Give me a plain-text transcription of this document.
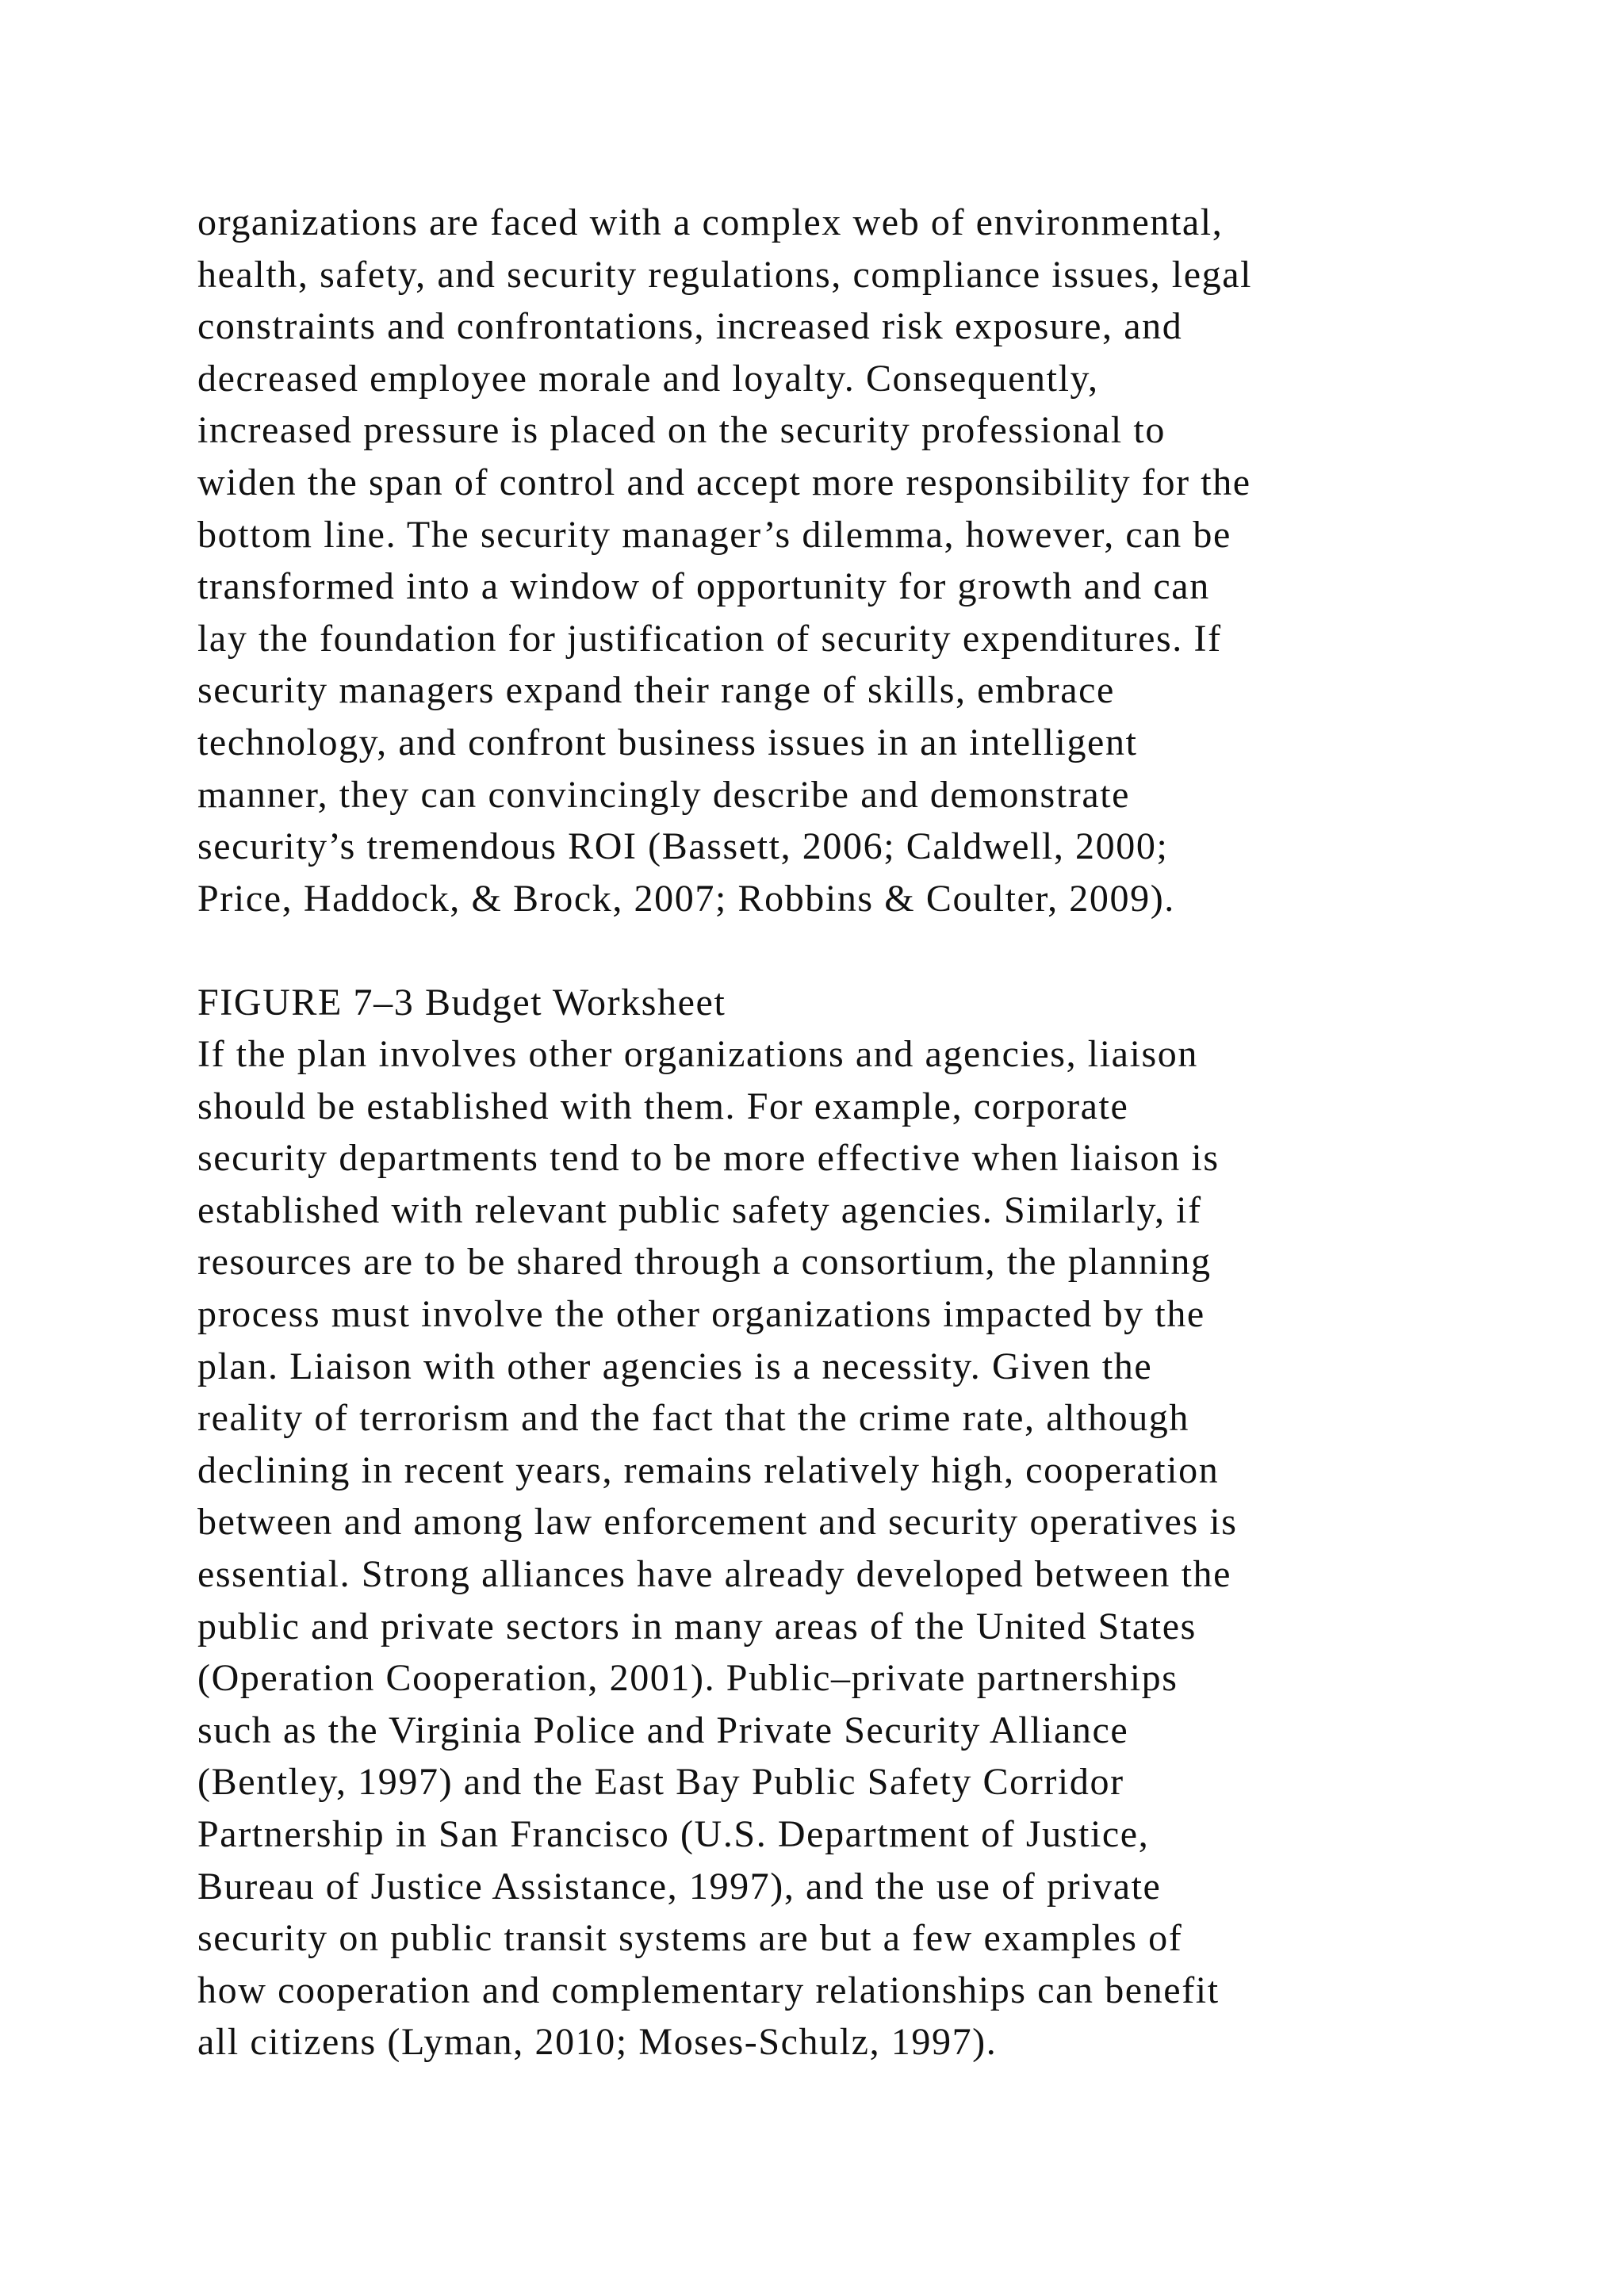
organizations are faced with a complex web of environmental,
health, safety, and security regulations, compliance issues, legal
constraints and confrontations, increased risk exposure, and
decreased employee morale and loyalty. Consequently,
increased pressure is placed on the security professional to
widen the span of control and accept more responsibility for the
bottom line. The security manager’s dilemma, however, can be
transformed into a window of opportunity for growth and can
lay the foundation for justification of security expenditures. If
security managers expand their range of skills, embrace
technology, and confront business issues in an intelligent
manner, they can convincingly describe and demonstrate
security’s tremendous ROI (Bassett, 2006; Caldwell, 2000;
Price, Haddock, & Brock, 2007; Robbins & Coulter, 2009).

FIGURE 7–3 Budget Worksheet

If the plan involves other organizations and agencies, liaison
should be established with them. For example, corporate
security departments tend to be more effective when liaison is
established with relevant public safety agencies. Similarly, if
resources are to be shared through a consortium, the planning
process must involve the other organizations impacted by the
plan. Liaison with other agencies is a necessity. Given the
reality of terrorism and the fact that the crime rate, although
declining in recent years, remains relatively high, cooperation
between and among law enforcement and security operatives is
essential. Strong alliances have already developed between the
public and private sectors in many areas of the United States
(Operation Cooperation, 2001). Public–private partnerships
such as the Virginia Police and Private Security Alliance
(Bentley, 1997) and the East Bay Public Safety Corridor
Partnership in San Francisco (U.S. Department of Justice,
Bureau of Justice Assistance, 1997), and the use of private
security on public transit systems are but a few examples of
how cooperation and complementary relationships can benefit
all citizens (Lyman, 2010; Moses-Schulz, 1997).
